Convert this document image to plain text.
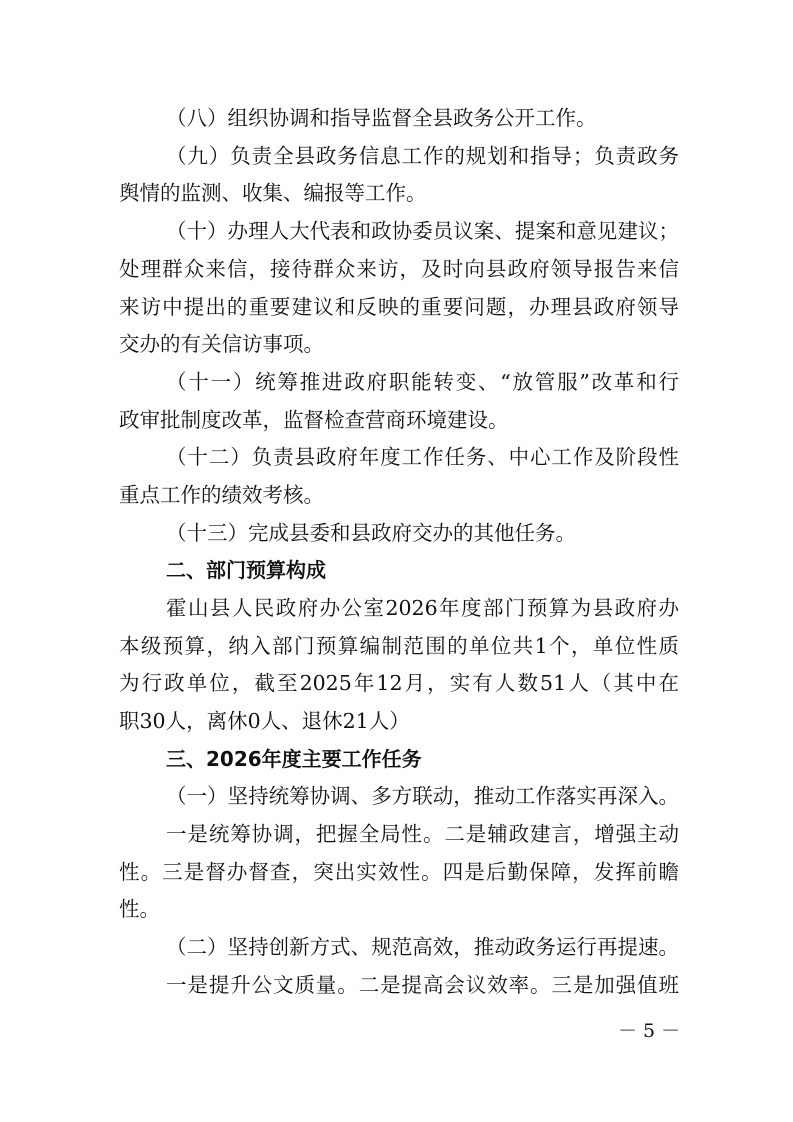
（八）组织协调和指导监督全县政务公开工作。
（九）负责全县政务信息工作的规划和指导；负责政务
舆情的监测、收集、编报等工作。
（十）办理人大代表和政协委员议案、提案和意见建议；
处理群众来信，接待群众来访，及时向县政府领导报告来信
来访中提出的重要建议和反映的重要问题，办理县政府领导
交办的有关信访事项。
（十一）统筹推进政府职能转变、“放管服”改革和行
政审批制度改革，监督检查营商环境建设。
（十二）负责县政府年度工作任务、中心工作及阶段性
重点工作的绩效考核。
（十三）完成县委和县政府交办的其他任务。
二、部门预算构成
霍山县人民政府办公室2026年度部门预算为县政府办
本级预算，纳入部门预算编制范围的单位共1个，单位性质
为行政单位，截至2025年12月，实有人数51人（其中在
职30人，离休0人、退休21人）
三、2026年度主要工作任务
（一）坚持统筹协调、多方联动，推动工作落实再深入。
一是统筹协调，把握全局性。二是辅政建言，增强主动
性。三是督办督查，突出实效性。四是后勤保障，发挥前瞻
性。
（二）坚持创新方式、规范高效，推动政务运行再提速。
一是提升公文质量。二是提高会议效率。三是加强值班
－ 5 －
